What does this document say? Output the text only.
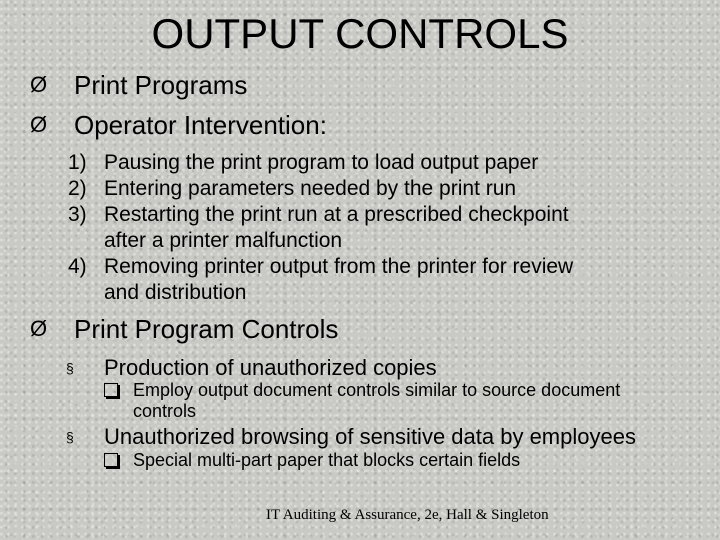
OUTPUT CONTROLS
Ø Print Programs
Ø Operator Intervention:
1) Pausing the print program to load output paper
2) Entering parameters needed by the print run
3) Restarting the print run at a prescribed checkpoint
after a printer malfunction
4) Removing printer output from the printer for review
and distribution
Ø Print Program Controls
§ Production of unauthorized copies
Employ output document controls similar to source document
controls
§ Unauthorized browsing of sensitive data by employees
Special multi-part paper that blocks certain fields
IT Auditing & Assurance, 2e, Hall & Singleton
